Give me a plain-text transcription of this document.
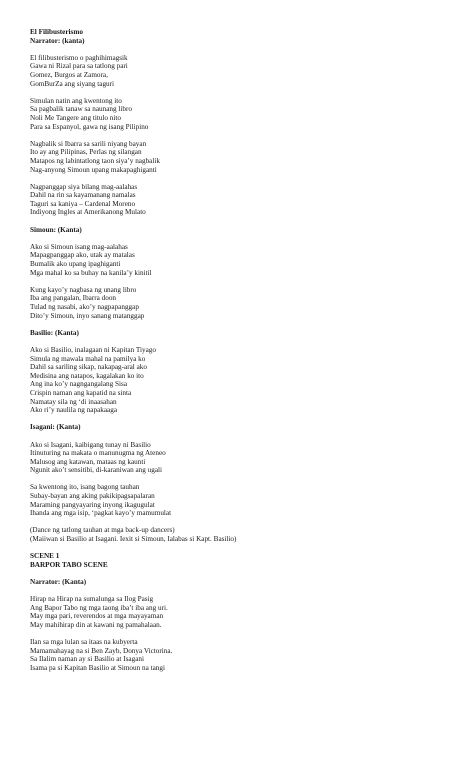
El Filibusterismo
Narrator: (kanta)
El filibusterismo o paghihimagsik
Gawa ni Rizal para sa tatlong pari
Gomez, Burgos at Zamora,
GomBurZa ang siyang taguri
Simulan natin ang kwentong ito
Sa pagbalik tanaw sa naunang libro
Noli Me Tangere ang titulo nito
Para sa Espanyol, gawa ng isang Pilipino
Nagbalik si Ibarra sa sarili niyang bayan
Ito ay ang Pilipinas, Perlas ng silangan
Matapos ng labintatlong taon siya’y nagbalik
Nag-anyong Simoun upang makapaghiganti
Nagpanggap siya bilang mag-aalahas
Dahil na rin sa kayamanang namalas
Taguri sa kaniya – Cardenal Moreno
Indiyong Ingles at Amerikanong Mulato
Simoun: (Kanta)
Ako si Simoun isang mag-aalahas
Mapagpanggap ako, utak ay matalas
Bumalik ako upang ipaghiganti
Mga mahal ko sa buhay na kanila’y kinitil
Kung kayo’y nagbasa ng unang libro
Iba ang pangalan, Ibarra doon
Tulad ng nasabi, ako’y nagpapanggap
Dito’y Simoun, inyo sanang matanggap
Basilio: (Kanta)
Ako si Basilio, inalagaan ni Kapitan Tiyago
Simula ng mawala mahal na pamilya ko
Dahil sa sariling sikap, nakapag-aral ako
Medisina ang natapos, kagalakan ko ito
Ang ina ko’y nagngangalang Sisa
Crispin naman ang kapatid na sinta
Namatay sila ng ‘di inaasahan
Ako ri’y naulila ng napakaaga
Isagani: (Kanta)
Ako si Isagani, kaibigang tunay ni Basilio
Itinuturing na makata o manunugma ng Ateneo
Malusog ang katawan, mataas ng kaunti
Ngunit ako’t sensitibi, di-karaniwan ang ugali
Sa kwentong ito, isang bagong tauhan
Subay-bayan ang aking pakikipagsapalaran
Maraming pangyayaring inyong ikagugulat
Ihanda ang mga isip, ‘pagkat kayo’y mamumulat
(Dance ng tatlong tauhan at mga back-up dancers)
(Maiiwan si Basilio at Isagani. Iexit si Simoun, Ialabas si Kapt. Basilio)
SCENE 1
BARPOR TABO SCENE
Narrator: (Kanta)
Hirap na Hirap na sumalunga sa Ilog Pasig
Ang Bapor Tabo ng mga taong iba’t iba ang uri.
May mga pari, reverendos at mga mayayaman
May mahihirap din at kawani ng pamahalaan.
Ilan sa mga lulan sa itaas na kubyerta
Mamamahayag na si Ben Zayb, Donya Victorina.
Sa Ilalim naman ay si Basilio at Isagani
Isama pa si Kapitan Basilio at Simoun na tangi
